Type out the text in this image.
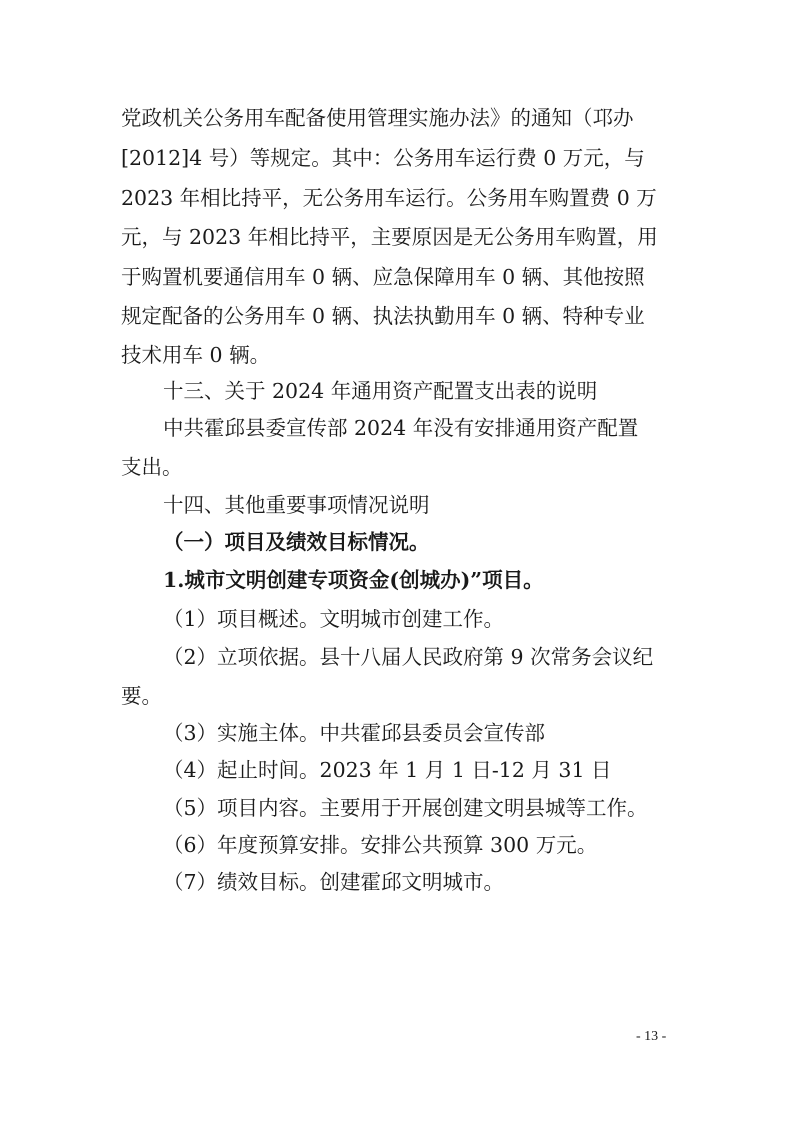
党政机关公务用车配备使用管理实施办法》的通知（邛办
[2012]4 号）等规定。其中：公务用车运行费 0 万元，与
2023 年相比持平，无公务用车运行。公务用车购置费 0 万
元，与 2023 年相比持平，主要原因是无公务用车购置，用
于购置机要通信用车 0 辆、应急保障用车 0 辆、其他按照
规定配备的公务用车 0 辆、执法执勤用车 0 辆、特种专业
技术用车 0 辆。
十三、关于 2024 年通用资产配置支出表的说明
中共霍邱县委宣传部 2024 年没有安排通用资产配置
支出。
十四、其他重要事项情况说明
（一）项目及绩效目标情况。
1.城市文明创建专项资金(创城办)”项目。
（1）项目概述。文明城市创建工作。
（2）立项依据。县十八届人民政府第 9 次常务会议纪
要。
（3）实施主体。中共霍邱县委员会宣传部
（4）起止时间。2023 年 1 月 1 日-12 月 31 日
（5）项目内容。主要用于开展创建文明县城等工作。
（6）年度预算安排。安排公共预算 300 万元。
（7）绩效目标。创建霍邱文明城市。
- 13 -
